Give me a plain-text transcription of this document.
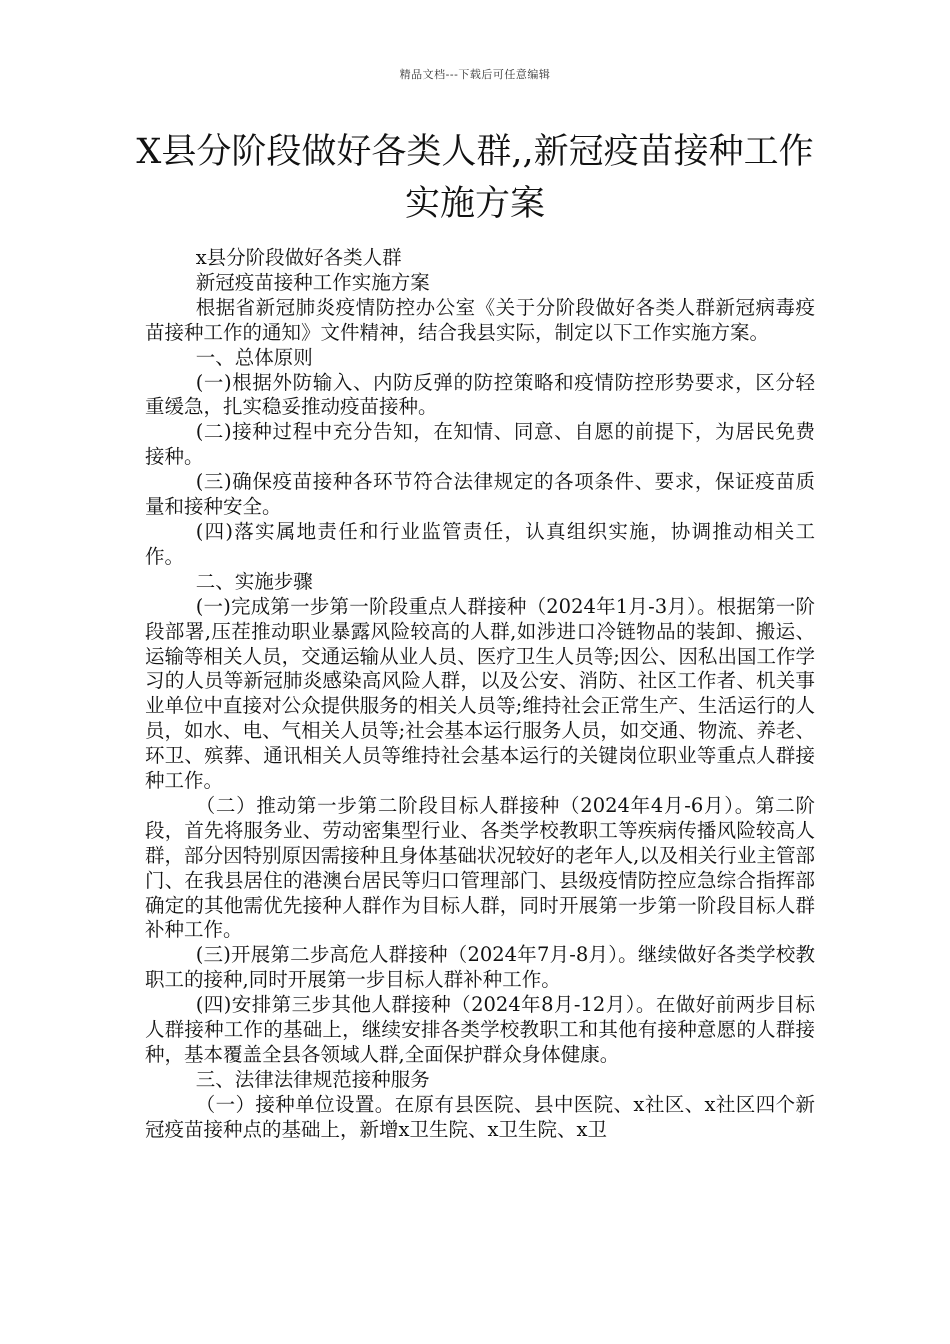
精品文档---下载后可任意编辑
X县分阶段做好各类人群,,新冠疫苗接种工作实施方案

x县分阶段做好各类人群

新冠疫苗接种工作实施方案

根据省新冠肺炎疫情防控办公室《关于分阶段做好各类人群新冠病毒疫苗接种工作的通知》文件精神，结合我县实际，制定以下工作实施方案。

一、总体原则

(一)根据外防输入、内防反弹的防控策略和疫情防控形势要求，区分轻重缓急，扎实稳妥推动疫苗接种。

(二)接种过程中充分告知，在知情、同意、自愿的前提下，为居民免费接种。

(三)确保疫苗接种各环节符合法律规定的各项条件、要求，保证疫苗质量和接种安全。

(四)落实属地责任和行业监管责任，认真组织实施，协调推动相关工作。

二、实施步骤

(一)完成第一步第一阶段重点人群接种（2024年1月-3月）。根据第一阶段部署,压茬推动职业暴露风险较高的人群,如涉进口冷链物品的装卸、搬运、运输等相关人员，交通运输从业人员、医疗卫生人员等;因公、因私出国工作学习的人员等新冠肺炎感染高风险人群，以及公安、消防、社区工作者、机关事业单位中直接对公众提供服务的相关人员等;维持社会正常生产、生活运行的人员，如水、电、气相关人员等;社会基本运行服务人员，如交通、物流、养老、环卫、殡葬、通讯相关人员等维持社会基本运行的关键岗位职业等重点人群接种工作。

（二）推动第一步第二阶段目标人群接种（2024年4月-6月）。第二阶段，首先将服务业、劳动密集型行业、各类学校教职工等疾病传播风险较高人群，部分因特别原因需接种且身体基础状况较好的老年人,以及相关行业主管部门、在我县居住的港澳台居民等归口管理部门、县级疫情防控应急综合指挥部确定的其他需优先接种人群作为目标人群，同时开展第一步第一阶段目标人群补种工作。

(三)开展第二步高危人群接种（2024年7月-8月）。继续做好各类学校教职工的接种,同时开展第一步目标人群补种工作。

(四)安排第三步其他人群接种（2024年8月-12月）。在做好前两步目标人群接种工作的基础上，继续安排各类学校教职工和其他有接种意愿的人群接种，基本覆盖全县各领域人群,全面保护群众身体健康。

三、法律法律规范接种服务

（一）接种单位设置。在原有县医院、县中医院、x社区、x社区四个新冠疫苗接种点的基础上，新增x卫生院、x卫生院、x卫
